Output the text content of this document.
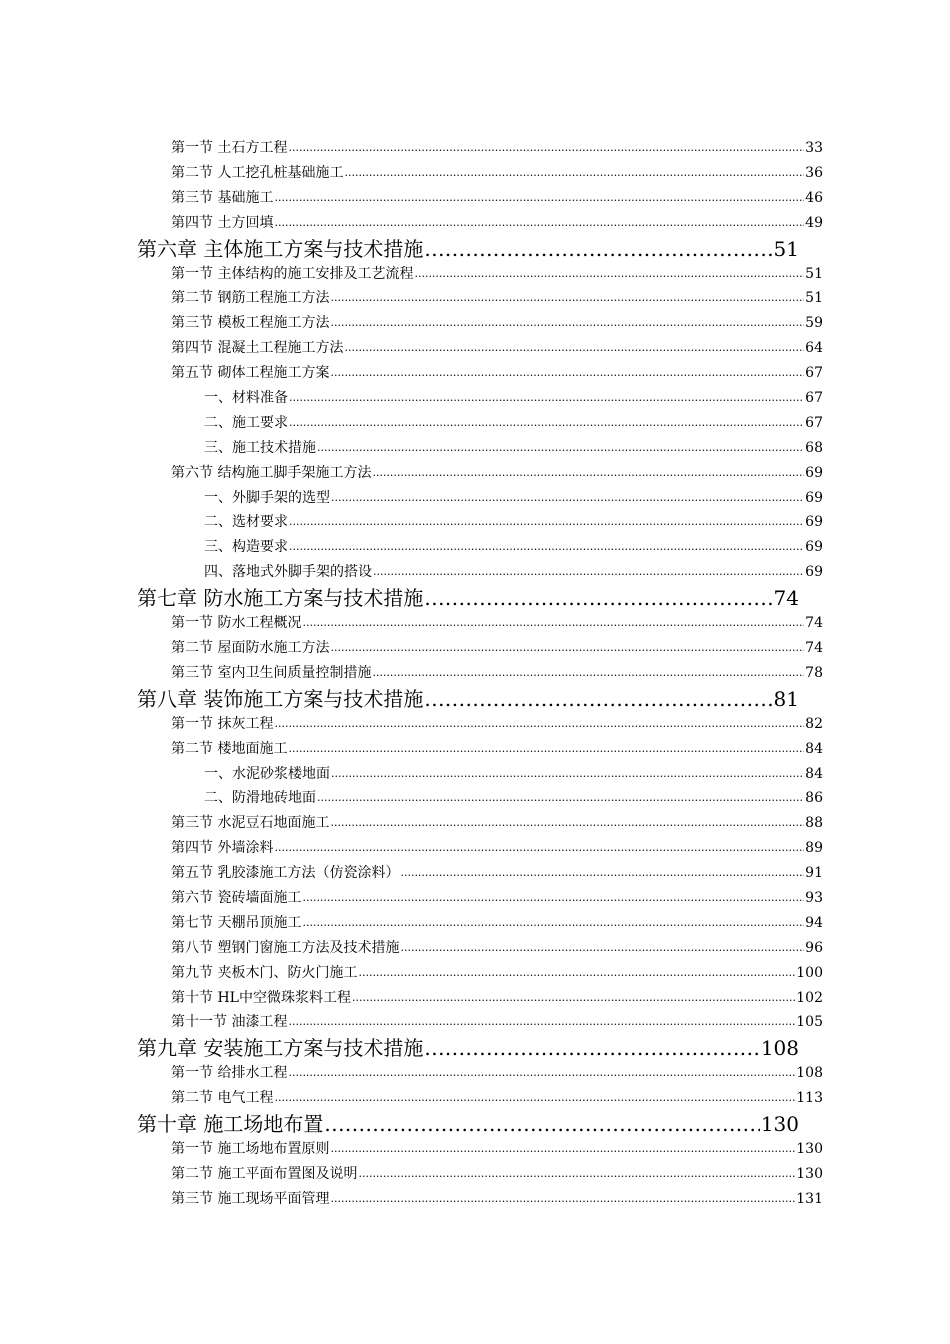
第一节 土石方工程 .....	33
第二节 人工挖孔桩基础施工 .....	36
第三节 基础施工 .....	46
第四节 土方回填 .....	49
第六章 主体施工方案与技术措施 .....	51
第一节 主体结构的施工安排及工艺流程 .....	51
第二节 钢筋工程施工方法 .....	51
第三节 模板工程施工方法 .....	59
第四节 混凝土工程施工方法 .....	64
第五节 砌体工程施工方案 .....	67
一、材料准备 .....	67
二、施工要求 .....	67
三、施工技术措施 .....	68
第六节 结构施工脚手架施工方法 .....	69
一、外脚手架的选型 .....	69
二、选材要求 .....	69
三、构造要求 .....	69
四、落地式外脚手架的搭设 .....	69
第七章 防水施工方案与技术措施 .....	74
第一节 防水工程概况 .....	74
第二节 屋面防水施工方法 .....	74
第三节 室内卫生间质量控制措施 .....	78
第八章 装饰施工方案与技术措施 .....	81
第一节 抹灰工程 .....	82
第二节 楼地面施工 .....	84
一、水泥砂浆楼地面 .....	84
二、防滑地砖地面 .....	86
第三节 水泥豆石地面施工 .....	88
第四节 外墙涂料 .....	89
第五节 乳胶漆施工方法（仿瓷涂料） .....	91
第六节 瓷砖墙面施工 .....	93
第七节 天棚吊顶施工 .....	94
第八节 塑钢门窗施工方法及技术措施 .....	96
第九节 夹板木门、防火门施工 .....	100
第十节 HL中空微珠浆料工程 .....	102
第十一节 油漆工程 .....	105
第九章 安装施工方案与技术措施 .....	108
第一节 给排水工程 .....	108
第二节 电气工程 .....	113
第十章 施工场地布置 .....	130
第一节 施工场地布置原则 .....	130
第二节 施工平面布置图及说明 .....	130
第三节 施工现场平面管理 .....	131
